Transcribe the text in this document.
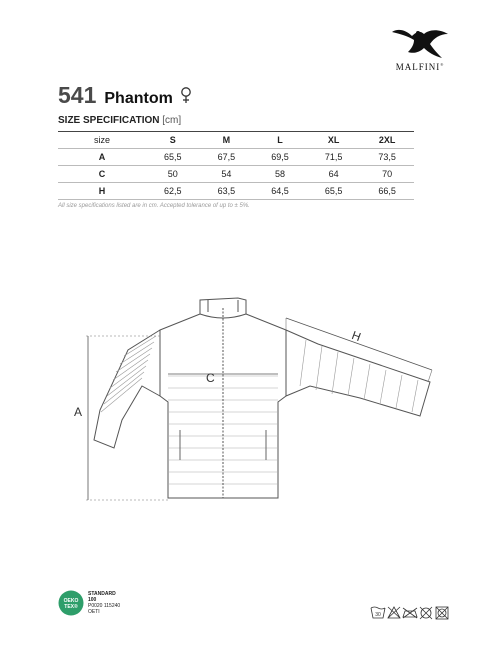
MALFINI®
541 Phantom
SIZE SPECIFICATION [cm]
size	S	M	L	XL	2XL
A	65,5	67,5	69,5	71,5	73,5
C	50	54	58	64	70
H	62,5	63,5	64,5	65,5	66,5
All size specifications listed are in cm. Accepted tolerance of up to ± 5%.
A
C
H
OEKO
TEX®
STANDARD
100
P0020 115240
OETI	30
